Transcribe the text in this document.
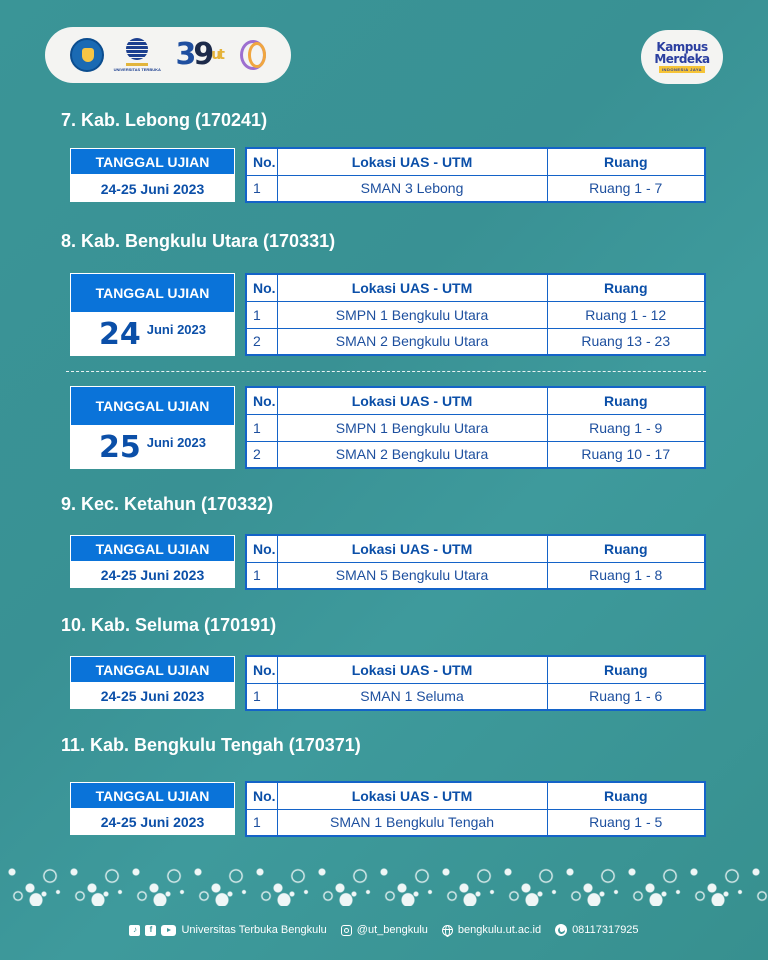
UNIVERSITAS TERBUKA 3 9 ut	Kampus
Merdeka
INDONESIA JAYA
7. Kab. Lebong (170241)
TANGGAL UJIAN
24-25 Juni 2023
No.	Lokasi UAS - UTM	Ruang
1	SMAN 3 Lebong	Ruang 1 - 7
8. Kab. Bengkulu Utara (170331)
TANGGAL UJIAN
24 Juni 2023
No.	Lokasi UAS - UTM	Ruang
1	SMPN 1 Bengkulu Utara	Ruang 1 - 12
2	SMAN 2 Bengkulu Utara	Ruang 13 - 23
TANGGAL UJIAN
25 Juni 2023
No.	Lokasi UAS - UTM	Ruang
1	SMPN 1 Bengkulu Utara	Ruang 1 - 9
2	SMAN 2 Bengkulu Utara	Ruang 10 - 17
9. Kec. Ketahun (170332)
TANGGAL UJIAN
24-25 Juni 2023
No.	Lokasi UAS - UTM	Ruang
1	SMAN 5 Bengkulu Utara	Ruang 1 - 8
10. Kab. Seluma (170191)
TANGGAL UJIAN
24-25 Juni 2023
No.	Lokasi UAS - UTM	Ruang
1	SMAN 1 Seluma	Ruang 1 - 6
11. Kab. Bengkulu Tengah (170371)
TANGGAL UJIAN
24-25 Juni 2023
No.	Lokasi UAS - UTM	Ruang
1	SMAN 1 Bengkulu Tengah	Ruang 1 - 5
♪	f	Universitas Terbuka Bengkulu	@ut_bengkulu	bengkulu.ut.ac.id	08117317925
